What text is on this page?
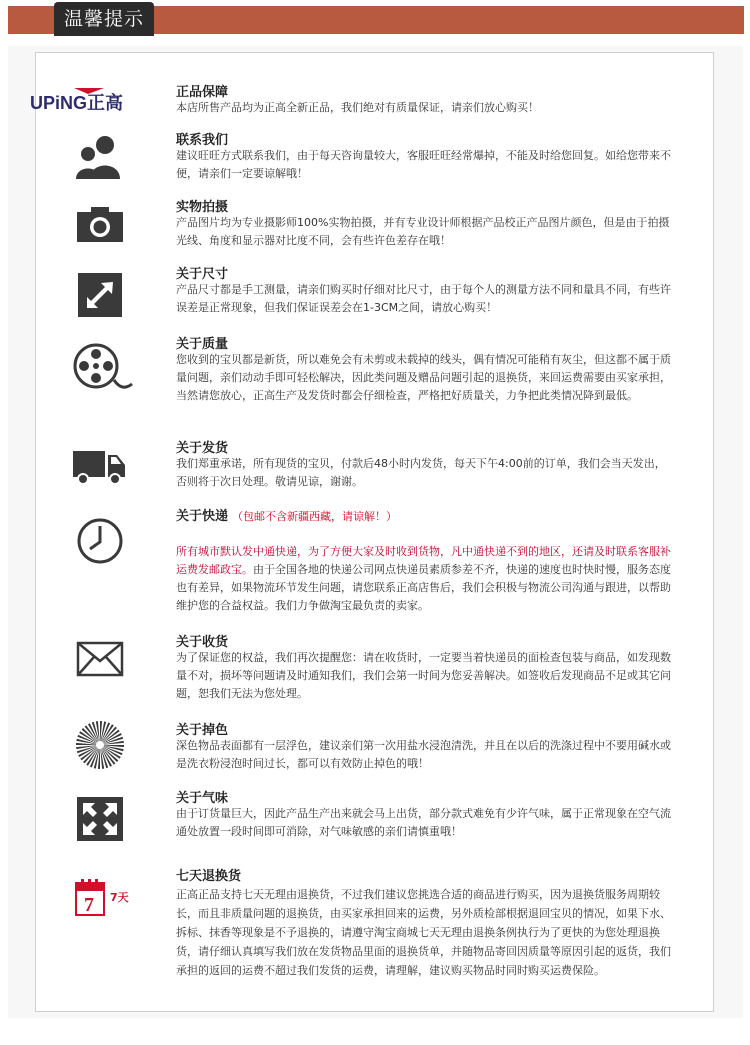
温馨提示
UPiNG正高
正品保障
本店所售产品均为正高全新正品，我们绝对有质量保证，请亲们放心购买！
联系我们
建议旺旺方式联系我们，由于每天咨询量较大，客服旺旺经常爆掉，不能及时给您回复。如给您带来不便，请亲们一定要谅解哦！
实物拍摄
产品图片均为专业摄影师100%实物拍摄，并有专业设计师根据产品校正产品图片颜色，但是由于拍摄光线、角度和显示器对比度不同，会有些许色差存在哦！
关于尺寸
产品尺寸都是手工测量，请亲们购买时仔细对比尺寸，由于每个人的测量方法不同和量具不同，有些许误差是正常现象，但我们保证误差会在1-3CM之间，请放心购买！
关于质量
您收到的宝贝都是新货，所以难免会有未剪或未载掉的线头，偶有情况可能稍有灰尘，但这都不属于质量问题，亲们动动手即可轻松解决，因此类问题及赠品问题引起的退换货，来回运费需要由买家承担，当然请您放心，正高生产及发货时都会仔细检查，严格把好质量关，力争把此类情况降到最低。
关于发货
我们郑重承诺，所有现货的宝贝，付款后48小时内发货，每天下午4:00前的订单，我们会当天发出，否则将于次日处理。敬请见谅，谢谢。
关于快递 （包邮不含新疆西藏，请谅解！）
所有城市默认发中通快递，为了方便大家及时收到货物，凡中通快递不到的地区，还请及时联系客服补运费发邮政宝。由于全国各地的快递公司网点快递员素质参差不齐，快递的速度也时快时慢，服务态度也有差异，如果物流环节发生问题，请您联系正高店售后，我们会积极与物流公司沟通与跟进，以帮助维护您的合益权益。我们力争做淘宝最负责的卖家。
关于收货
为了保证您的权益，我们再次提醒您：请在收货时，一定要当着快递员的面检查包装与商品，如发现数量不对，损坏等问题请及时通知我们，我们会第一时间为您妥善解决。如签收后发现商品不足或其它问题，恕我们无法为您处理。
关于掉色
深色物品表面都有一层浮色，建议亲们第一次用盐水浸泡清洗，并且在以后的洗涤过程中不要用碱水或是洗衣粉浸泡时间过长，都可以有效防止掉色的哦！
关于气味
由于订货量巨大，因此产品生产出来就会马上出货，部分款式难免有少许气味，属于正常现象在空气流通处放置一段时间即可消除，对气味敏感的亲们请慎重哦！
7 7天
七天退换货
正高正品支持七天无理由退换货，不过我们建议您挑选合适的商品进行购买，因为退换货服务周期较长，而且非质量问题的退换货，由买家承担回来的运费，另外质检部根据退回宝贝的情况，如果下水、拆标、抹香等现象是不予退换的，请遵守淘宝商城七天无理由退换条例执行为了更快的为您处理退换货，请仔细认真填写我们放在发货物品里面的退换货单，并随物品寄回因质量等原因引起的返货，我们承担的返回的运费不超过我们发货的运费，请理解，建议购买物品时同时购买运费保险。
